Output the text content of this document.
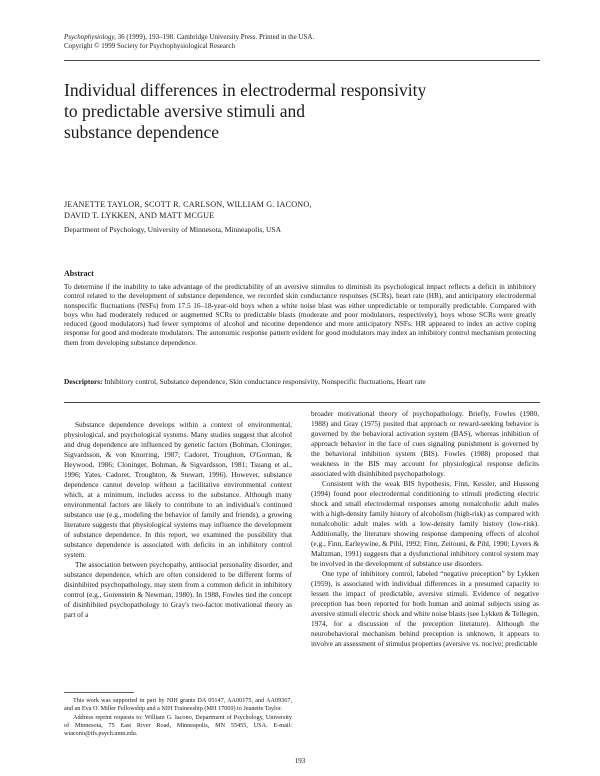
Psychophysiology, 36 (1999), 193–198. Cambridge University Press. Printed in the USA.
Copyright © 1999 Society for Psychophysiological Research
Individual differences in electrodermal responsivity
to predictable aversive stimuli and
substance dependence
JEANETTE TAYLOR, SCOTT R. CARLSON, WILLIAM G. IACONO,
DAVID T. LYKKEN, AND MATT MCGUE
Department of Psychology, University of Minnesota, Minneapolis, USA
Abstract
To determine if the inability to take advantage of the predictability of an aversive stimulus to diminish its psychological impact reflects a deficit in inhibitory control related to the development of substance dependence, we recorded skin conductance responses (SCRs), heart rate (HR), and anticipatory electrodermal nonspecific fluctuations (NSFs) from 17.5 16–18-year-old boys when a white noise blast was either unpredictable or temporally predictable. Compared with boys who had moderately reduced or augmented SCRs to predictable blasts (moderate and poor modulators, respectively), boys whose SCRs were greatly reduced (good modulators) had fewer symptoms of alcohol and nicotine dependence and more anticipatory NSFs. HR appeared to index an active coping response for good and moderate modulators. The autonomic response pattern evident for good modulators may index an inhibitory control mechanism protecting them from developing substance dependence.
Descriptors: Inhibitory control, Substance dependence, Skin conductance responsivity, Nonspecific fluctuations, Heart rate

Substance dependence develops within a context of environmental, physiological, and psychological systems. Many studies suggest that alcohol and drug dependence are influenced by genetic factors (Bohman, Cloninger, Sigvardsson, & von Knorring, 1987; Cadoret, Troughton, O'Gorman, & Heywood, 1986; Cloninger, Bohman, & Sigvardsson, 1981; Tsuang et al., 1996; Yates, Cadoret, Troughton, & Stewart, 1996). However, substance dependence cannot develop without a facilitative environmental context which, at a minimum, includes access to the substance. Although many environmental factors are likely to contribute to an individual's continued substance use (e.g., modeling the behavior of family and friends), a growing literature suggests that physiological systems may influence the development of substance dependence. In this report, we examined the possibility that substance dependence is associated with deficits in an inhibitory control system.

The association between psychopathy, antisocial personality disorder, and substance dependence, which are often considered to be different forms of disinhibited psychopathology, may stem from a common deficit in inhibitory control (e.g., Gorenstein & Newman, 1980). In 1988, Fowles tied the concept of disinhibited psychopathology to Gray's two-factor motivational theory as part of a

broader motivational theory of psychopathology. Briefly, Fowles (1980, 1988) and Gray (1975) posited that approach or reward-seeking behavior is governed by the behavioral activation system (BAS), whereas inhibition of approach behavior in the face of cues signaling punishment is governed by the behavioral inhibition system (BIS). Fowles (1988) proposed that weakness in the BIS may account for physiological response deficits associated with disinhibited psychopathology.

Consistent with the weak BIS hypothesis, Finn, Kessler, and Hussong (1994) found poor electrodermal conditioning to stimuli predicting electric shock and small electrodermal responses among nonalcoholic adult males with a high-density family history of alcoholism (high-risk) as compared with nonalcoholic adult males with a low-density family history (low-risk). Additionally, the literature showing response dampening effects of alcohol (e.g., Finn, Earleywine, & Pihl, 1992; Finn, Zeitouni, & Pihl, 1990; Lyvers & Maltzman, 1991) suggests that a dysfunctional inhibitory control system may be involved in the development of substance use disorders.

One type of inhibitory control, labeled “negative preception” by Lykken (1959), is associated with individual differences in a presumed capacity to lessen the impact of predictable, aversive stimuli. Evidence of negative preception has been reported for both human and animal subjects using as aversive stimuli electric shock and white noise blasts (see Lykken & Tellegen, 1974, for a discussion of the preception literature). Although the neurobehavioral mechanism behind preception is unknown, it appears to involve an assessment of stimulus properties (aversive vs. nocive; predictable

This work was supported in part by NIH grants DA 05147, AA00175, and AA09367, and an Eva O. Miller Fellowship and a NIH Traineeship (MH 17069) to Jeanette Taylor.

Address reprint requests to: William G. Iacono, Department of Psychology, University of Minnesota, 75 East River Road, Minneapolis, MN 55455, USA. E-mail: wiacono@tfs.psych.umn.edu.

193
